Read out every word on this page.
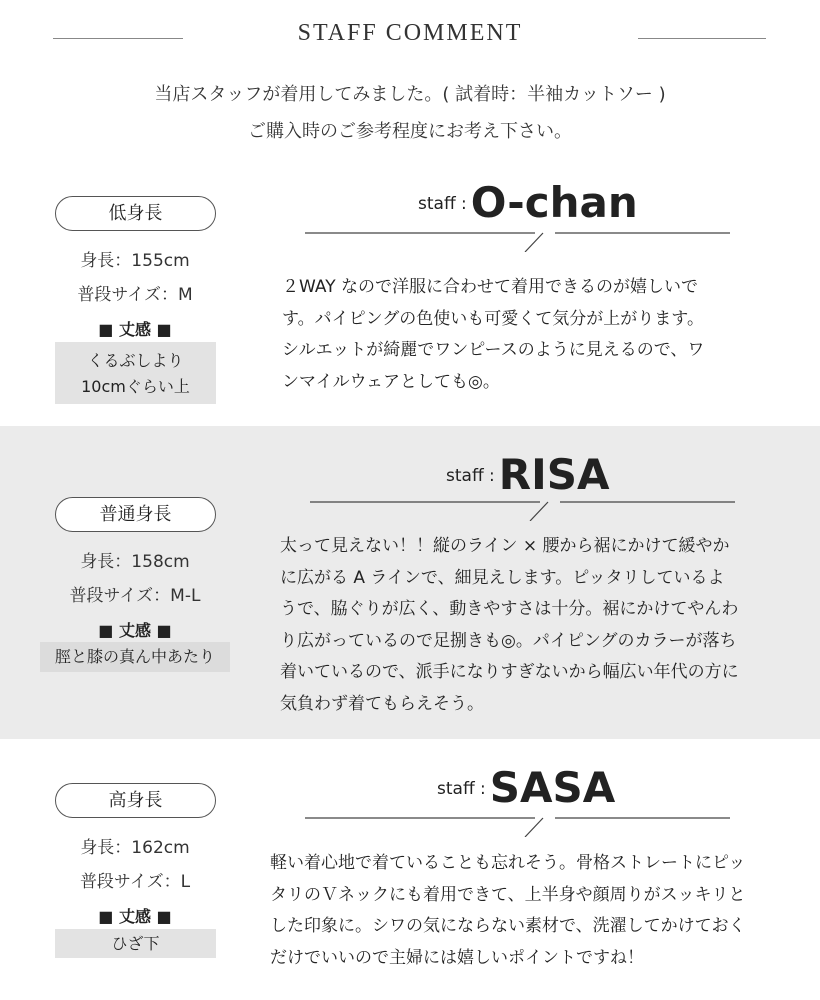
STAFF COMMENT
当店スタッフが着用してみました。( 試着時：半袖カットソー )
ご購入時のご参考程度にお考え下さい。
低身長
身長：155cm
普段サイズ：M
■ 丈感 ■
くるぶしより
10cmぐらい上
staff :O-chan
２WAY なので洋服に合わせて着用できるのが嬉しいで
す。パイピングの色使いも可愛くて気分が上がります。
シルエットが綺麗でワンピースのように見えるので、ワ
ンマイルウェアとしても◎。
普通身長
身長：158cm
普段サイズ：M-L
■ 丈感 ■
脛と膝の真ん中あたり
staff :RISA
太って見えない！！縦のライン × 腰から裾にかけて緩やか
に広がる A ラインで、細見えします。ピッタリしているよ
うで、脇ぐりが広く、動きやすさは十分。裾にかけてやんわ
り広がっているので足捌きも◎。パイピングのカラーが落ち
着いているので、派手になりすぎないから幅広い年代の方に
気負わず着てもらえそう。
高身長
身長：162cm
普段サイズ：L
■ 丈感 ■
ひざ下
staff :SASA
軽い着心地で着ていることも忘れそう。骨格ストレートにピッ
タリのＶネックにも着用できて、上半身や顔周りがスッキリと
した印象に。シワの気にならない素材で、洗濯してかけておく
だけでいいので主婦には嬉しいポイントですね！
